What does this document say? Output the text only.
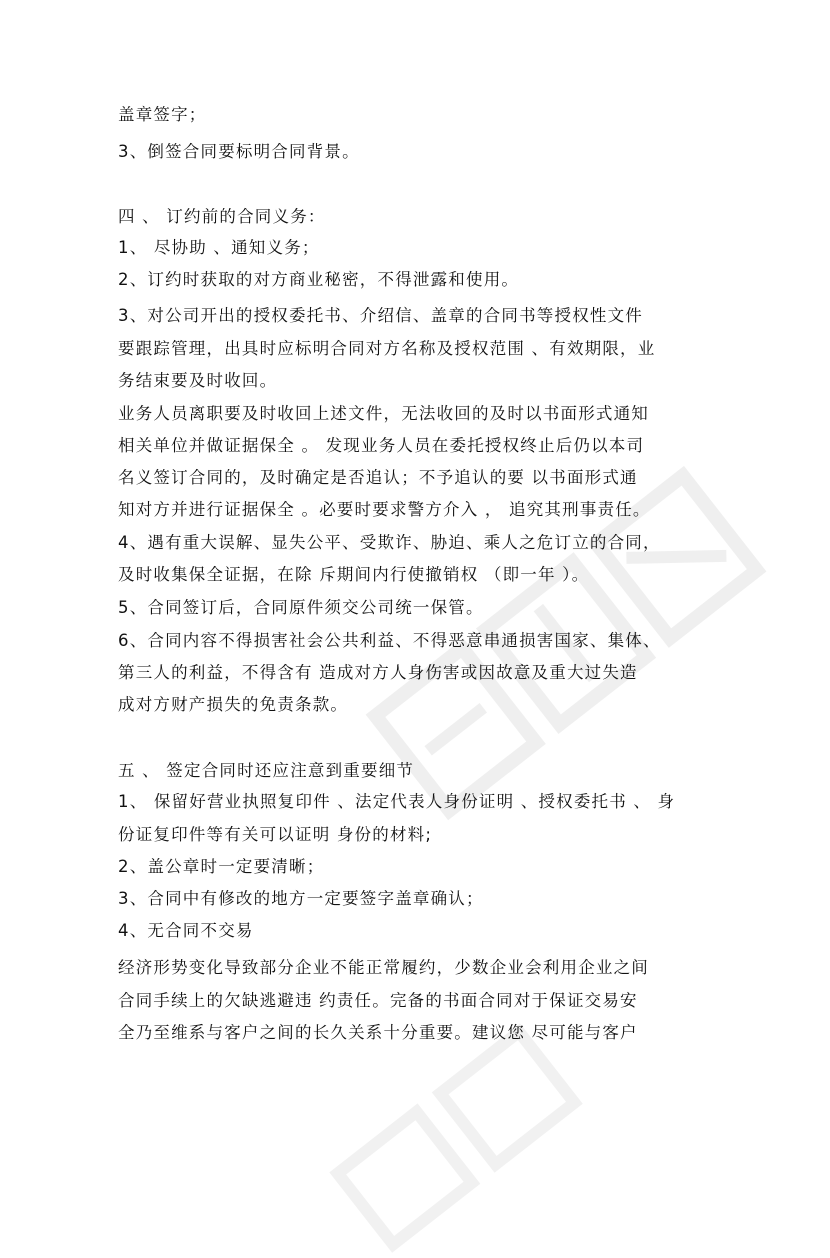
盖章签字；
3、倒签合同要标明合同背景。
四 、 订约前的合同义务：
1、 尽协助 、通知义务；
2、订约时获取的对方商业秘密，不得泄露和使用。
3、对公司开出的授权委托书、介绍信、盖章的合同书等授权性文件
要跟踪管理，出具时应标明合同对方名称及授权范围 、有效期限，业
务结束要及时收回。
业务人员离职要及时收回上述文件，无法收回的及时以书面形式通知
相关单位并做证据保全 。 发现业务人员在委托授权终止后仍以本司
名义签订合同的，及时确定是否追认；不予追认的要 以书面形式通
知对方并进行证据保全 。必要时要求警方介入 ， 追究其刑事责任。
4、遇有重大误解、显失公平、受欺诈、胁迫、乘人之危订立的合同，
及时收集保全证据，在除 斥期间内行使撤销权 （即一年 ）。
5、合同签订后，合同原件须交公司统一保管。
6、合同内容不得损害社会公共利益、不得恶意串通损害国家、集体、
第三人的利益，不得含有 造成对方人身伤害或因故意及重大过失造
成对方财产损失的免责条款。
五 、 签定合同时还应注意到重要细节
1、 保留好营业执照复印件 、法定代表人身份证明 、授权委托书 、 身
份证复印件等有关可以证明 身份的材料;
2、盖公章时一定要清晰；
3、合同中有修改的地方一定要签字盖章确认；
4、无合同不交易
经济形势变化导致部分企业不能正常履约，少数企业会利用企业之间
合同手续上的欠缺逃避违 约责任。完备的书面合同对于保证交易安
全乃至维系与客户之间的长久关系十分重要。建议您 尽可能与客户
